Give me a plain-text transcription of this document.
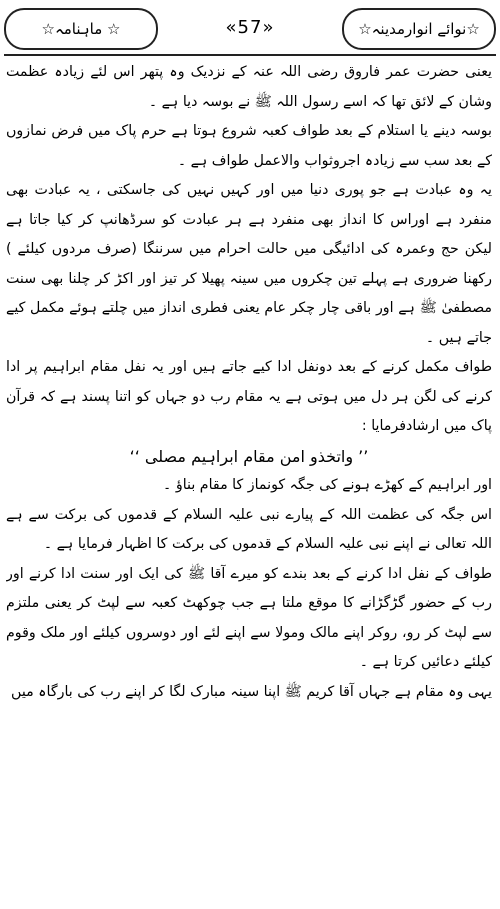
☆ ماہنامہ☆	«57»	☆نوائے انوارمدینہ☆

یعنی حضرت عمر فاروق رضی اللہ عنہ کے نزدیک وہ پتھر اس لئے زیادہ عظمت وشان کے لائق تھا کہ اسے رسول اللہ ﷺ نے بوسہ دیا ہے ۔

بوسہ دینے یا استلام کے بعد طواف کعبہ شروع ہوتا ہے حرم پاک میں فرض نمازوں کے بعد سب سے زیادہ اجروثواب والاعمل طواف ہے ۔

یہ وہ عبادت ہے جو پوری دنیا میں اور کہیں نہیں کی جاسکتی ، یہ عبادت بھی منفرد ہے اوراس کا انداز بھی منفرد ہے ہر عبادت کو سرڈھانپ کر کیا جاتا ہے لیکن حج وعمرہ کی ادائیگی میں حالت احرام میں سرننگا (صرف مردوں کیلئے ) رکھنا ضروری ہے پہلے تین چکروں میں سینہ پھیلا کر تیز اور اکڑ کر چلنا بھی سنت مصطفیٰ ﷺ ہے اور باقی چار چکر عام یعنی فطری انداز میں چلتے ہوئے مکمل کیے جاتے ہیں ۔

طواف مکمل کرنے کے بعد دونفل ادا کیے جاتے ہیں اور یہ نفل مقام ابراہیم پر ادا کرنے کی لگن ہر دل میں ہوتی ہے یہ مقام رب دو جہاں کو اتنا پسند ہے کہ قرآن پاک میں ارشادفرمایا :

’’ واتخذو امن مقام ابراہیم مصلی ‘‘

اور ابراہیم کے کھڑے ہونے کی جگہ کونماز کا مقام بناؤ ۔

اس جگہ کی عظمت اللہ کے پیارے نبی علیہ السلام کے قدموں کی برکت سے ہے اللہ تعالی نے اپنے نبی علیہ السلام کے قدموں کی برکت کا اظہار فرمایا ہے ۔

طواف کے نفل ادا کرنے کے بعد بندے کو میرے آقا ﷺ کی ایک اور سنت ادا کرنے اور رب کے حضور گڑگڑانے کا موقع ملتا ہے جب چوکھٹ کعبہ سے لپٹ کر یعنی ملتزم سے لپٹ کر رو، روکر اپنے مالک ومولا سے اپنے لئے اور دوسروں کیلئے اور ملک وقوم کیلئے دعائیں کرتا ہے ۔

یہی وہ مقام ہے جہاں آقا کریم ﷺ اپنا سینہ مبارک لگا کر اپنے رب کی بارگاہ میں
